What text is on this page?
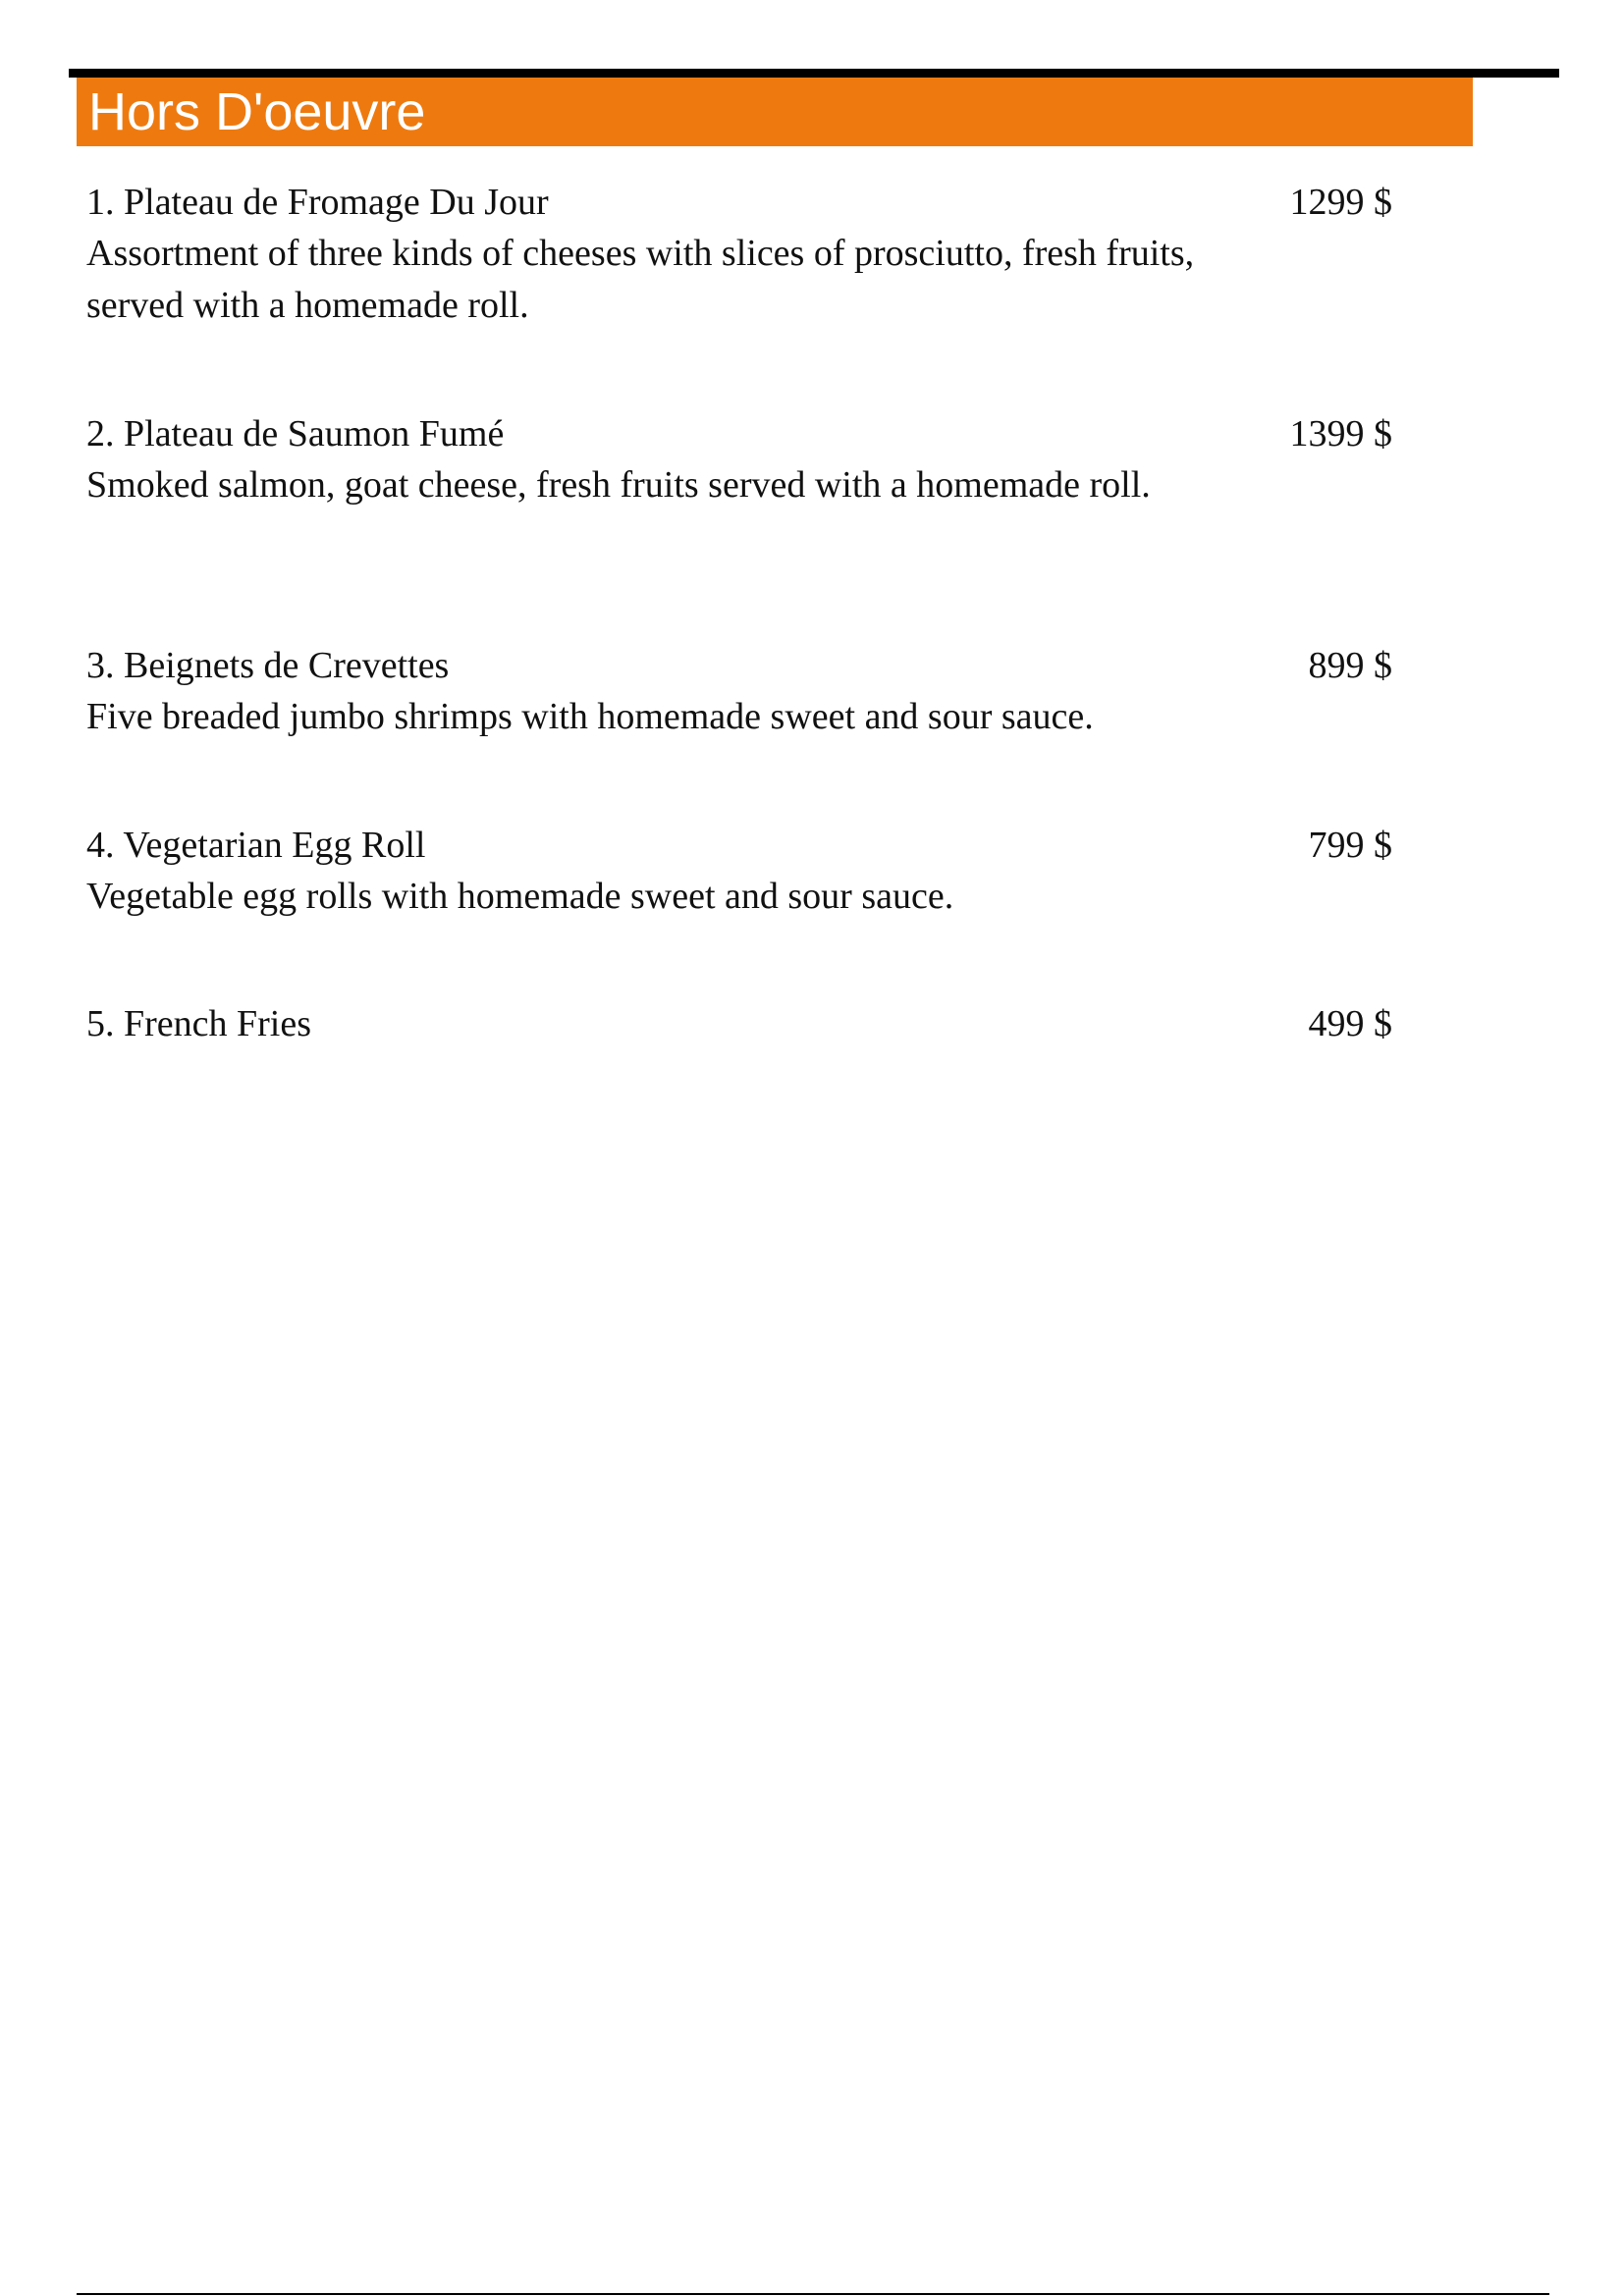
Hors D'oeuvre
1. Plateau de Fromage Du Jour	1299 $
Assortment of three kinds of cheeses with slices of prosciutto, fresh fruits, served with a homemade roll.
2. Plateau de Saumon Fumé	1399 $
Smoked salmon, goat cheese, fresh fruits served with a homemade roll.
3. Beignets de Crevettes	899 $
Five breaded jumbo shrimps with homemade sweet and sour sauce.
4. Vegetarian Egg Roll	799 $
Vegetable egg rolls with homemade sweet and sour sauce.
5. French Fries	499 $
